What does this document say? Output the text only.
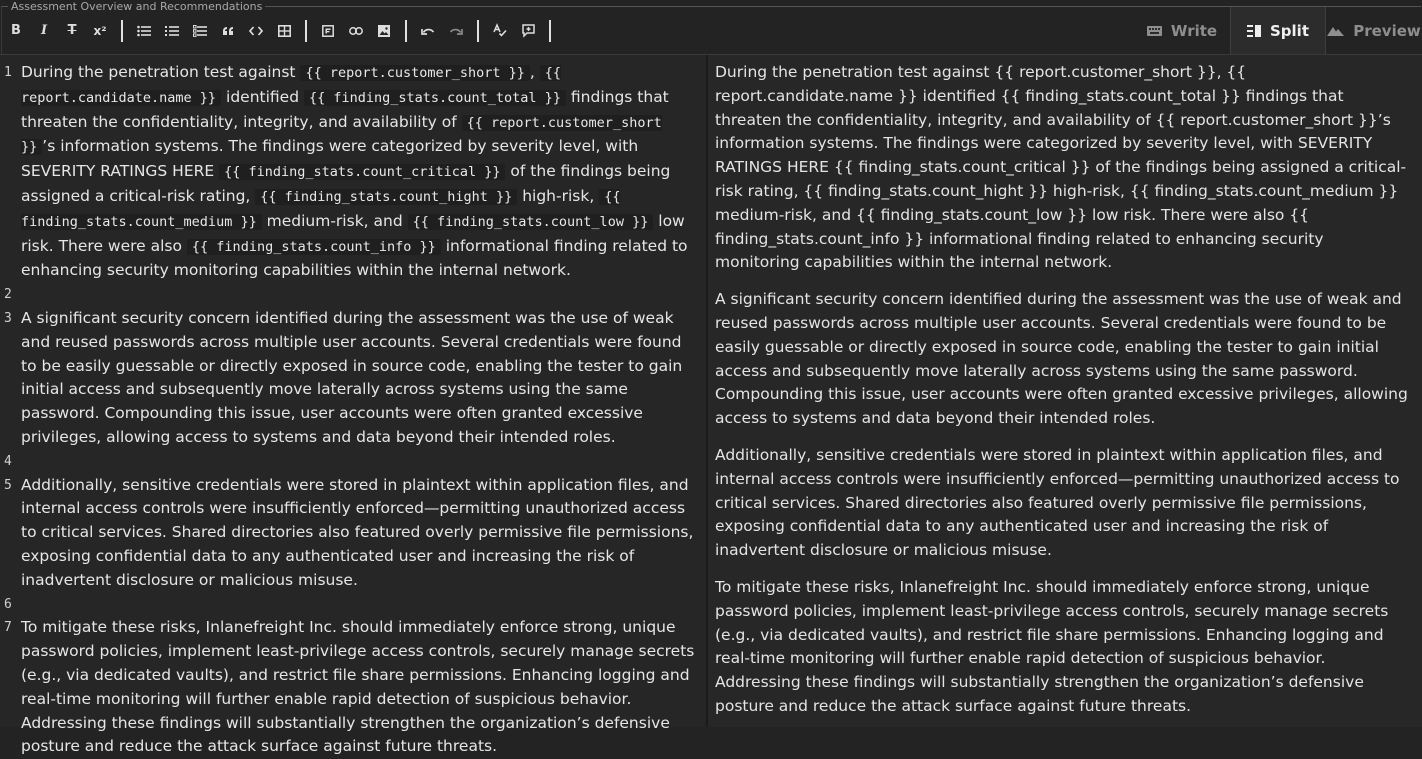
Assessment Overview and Recommendations
B I T x²	Write	Split	Preview
1 During the penetration test against {{ report.customer_short }} , {{ report.candidate.name }} identified {{ finding_stats.count_total }} findings that threaten the confidentiality, integrity, and availability of {{ report.customer_short }} ’s information systems. The findings were categorized by severity level, with SEVERITY RATINGS HERE {{ finding_stats.count_critical }} of the findings being assigned a critical-risk rating, {{ finding_stats.count_hight }} high-risk, {{ finding_stats.count_medium }} medium-risk, and {{ finding_stats.count_low }} low risk. There were also {{ finding_stats.count_info }} informational finding related to enhancing security monitoring capabilities within the internal network.
2
3 A significant security concern identified during the assessment was the use of weak and reused passwords across multiple user accounts. Several credentials were found to be easily guessable or directly exposed in source code, enabling the tester to gain initial access and subsequently move laterally across systems using the same password. Compounding this issue, user accounts were often granted excessive privileges, allowing access to systems and data beyond their intended roles.
4
5 Additionally, sensitive credentials were stored in plaintext within application files, and internal access controls were insufficiently enforced—permitting unauthorized access to critical services. Shared directories also featured overly permissive file permissions, exposing confidential data to any authenticated user and increasing the risk of inadvertent disclosure or malicious misuse.
6
7 To mitigate these risks, Inlanefreight Inc. should immediately enforce strong, unique password policies, implement least-privilege access controls, securely manage secrets (e.g., via dedicated vaults), and restrict file share permissions. Enhancing logging and real-time monitoring will further enable rapid detection of suspicious behavior. Addressing these findings will substantially strengthen the organization’s defensive posture and reduce the attack surface against future threats.

During the penetration test against {{ report.customer_short }}, {{ report.candidate.name }} identified {{ finding_stats.count_total }} findings that threaten the confidentiality, integrity, and availability of {{ report.customer_short }}’s information systems. The findings were categorized by severity level, with SEVERITY RATINGS HERE {{ finding_stats.count_critical }} of the findings being assigned a critical-risk rating, {{ finding_stats.count_hight }} high-risk, {{ finding_stats.count_medium }} medium-risk, and {{ finding_stats.count_low }} low risk. There were also {{ finding_stats.count_info }} informational finding related to enhancing security monitoring capabilities within the internal network.

A significant security concern identified during the assessment was the use of weak and reused passwords across multiple user accounts. Several credentials were found to be easily guessable or directly exposed in source code, enabling the tester to gain initial access and subsequently move laterally across systems using the same password. Compounding this issue, user accounts were often granted excessive privileges, allowing access to systems and data beyond their intended roles.

Additionally, sensitive credentials were stored in plaintext within application files, and internal access controls were insufficiently enforced—permitting unauthorized access to critical services. Shared directories also featured overly permissive file permissions, exposing confidential data to any authenticated user and increasing the risk of inadvertent disclosure or malicious misuse.

To mitigate these risks, Inlanefreight Inc. should immediately enforce strong, unique password policies, implement least-privilege access controls, securely manage secrets (e.g., via dedicated vaults), and restrict file share permissions. Enhancing logging and real-time monitoring will further enable rapid detection of suspicious behavior. Addressing these findings will substantially strengthen the organization’s defensive posture and reduce the attack surface against future threats.
